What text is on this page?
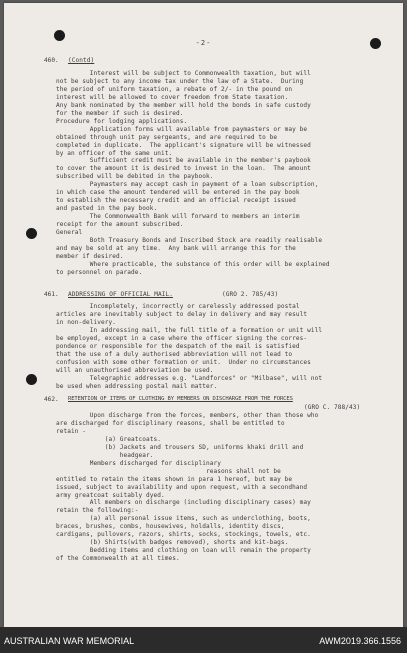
-2-
460. (Contd)
Interest will be subject to Commonwealth taxation, but will
not be subject to any income tax under the law of a State.  During
the period of uniform taxation, a rebate of 2/- in the pound on
interest will be allowed to cover freedom from State taxation.
Any bank nominated by the member will hold the bonds in safe custody
for the member if such is desired.
Procedure for lodging applications.
Application forms will available from paymasters or may be
obtained through unit pay sergeants, and are required to be
completed in duplicate.  The applicant's signature will be witnessed
by an officer of the same unit.
Sufficient credit must be available in the member's paybook
to cover the amount it is desired to invest in the loan.  The amount
subscribed will be debited in the paybook.
Paymasters may accept cash in payment of a loan subscription,
in which case the amount tendered will be entered in the pay book
to establish the necessary credit and an official receipt issued
and pasted in the pay book.
The Commonwealth Bank will forward to members an interim
receipt for the amount subscribed.
General
Both Treasury Bonds and Inscribed Stock are readily realisable
and may be sold at any time.  Any bank will arrange this for the
member if desired.
Where practicable, the substance of this order will be explained
to personnel on parade.
461. ADDRESSING OF OFFICIAL MAIL.	(GRO 2. 785/43)
Incompletely, incorrectly or carelessly addressed postal
articles are inevitably subject to delay in delivery and may result
in non-delivery.
In addressing mail, the full title of a formation or unit will
be employed, except in a case where the officer signing the corres-
pondence or responsible for the despatch of the mail is satisfied
that the use of a duly authorised abbreviation will not lead to
confusion with some other formation or unit.  Under no circumstances
will an unauthorised abbreviation be used.
Telegraphic addresses e.g. "Landforces" or "Milbase", will not
be used when addressing postal mail matter.
462. RETENTION OF ITEMS OF CLOTHING BY MEMBERS ON DISCHARGE FROM THE FORCES
(GRO C. 788/43)
Upon discharge from the forces, members, other than those who
are discharged for disciplinary reasons, shall be entitled to
retain -
(a) Greatcoats.
(b) Jackets and trousers SD, uniforms khaki drill and
headgear.
Members discharged for disciplinary
reasons shall not be
entitled to retain the items shown in para 1 hereof, but may be
issued, subject to availability and upon request, with a secondhand
army greatcoat suitably dyed.
All members on discharge (including disciplinary cases) may
retain the following:-
(a) all personal issue items, such as underclothing, boots,
braces, brushes, combs, housewives, holdalls, identity discs,
cardigans, pullovers, razors, shirts, socks, stockings, towels, etc.
(b) Shirts(with badges removed), shorts and kit-bags.
Bedding items and clothing on loan will remain the property
of the Commonwealth at all times.
AUSTRALIAN WAR MEMORIAL	AWM2019.366.1556
